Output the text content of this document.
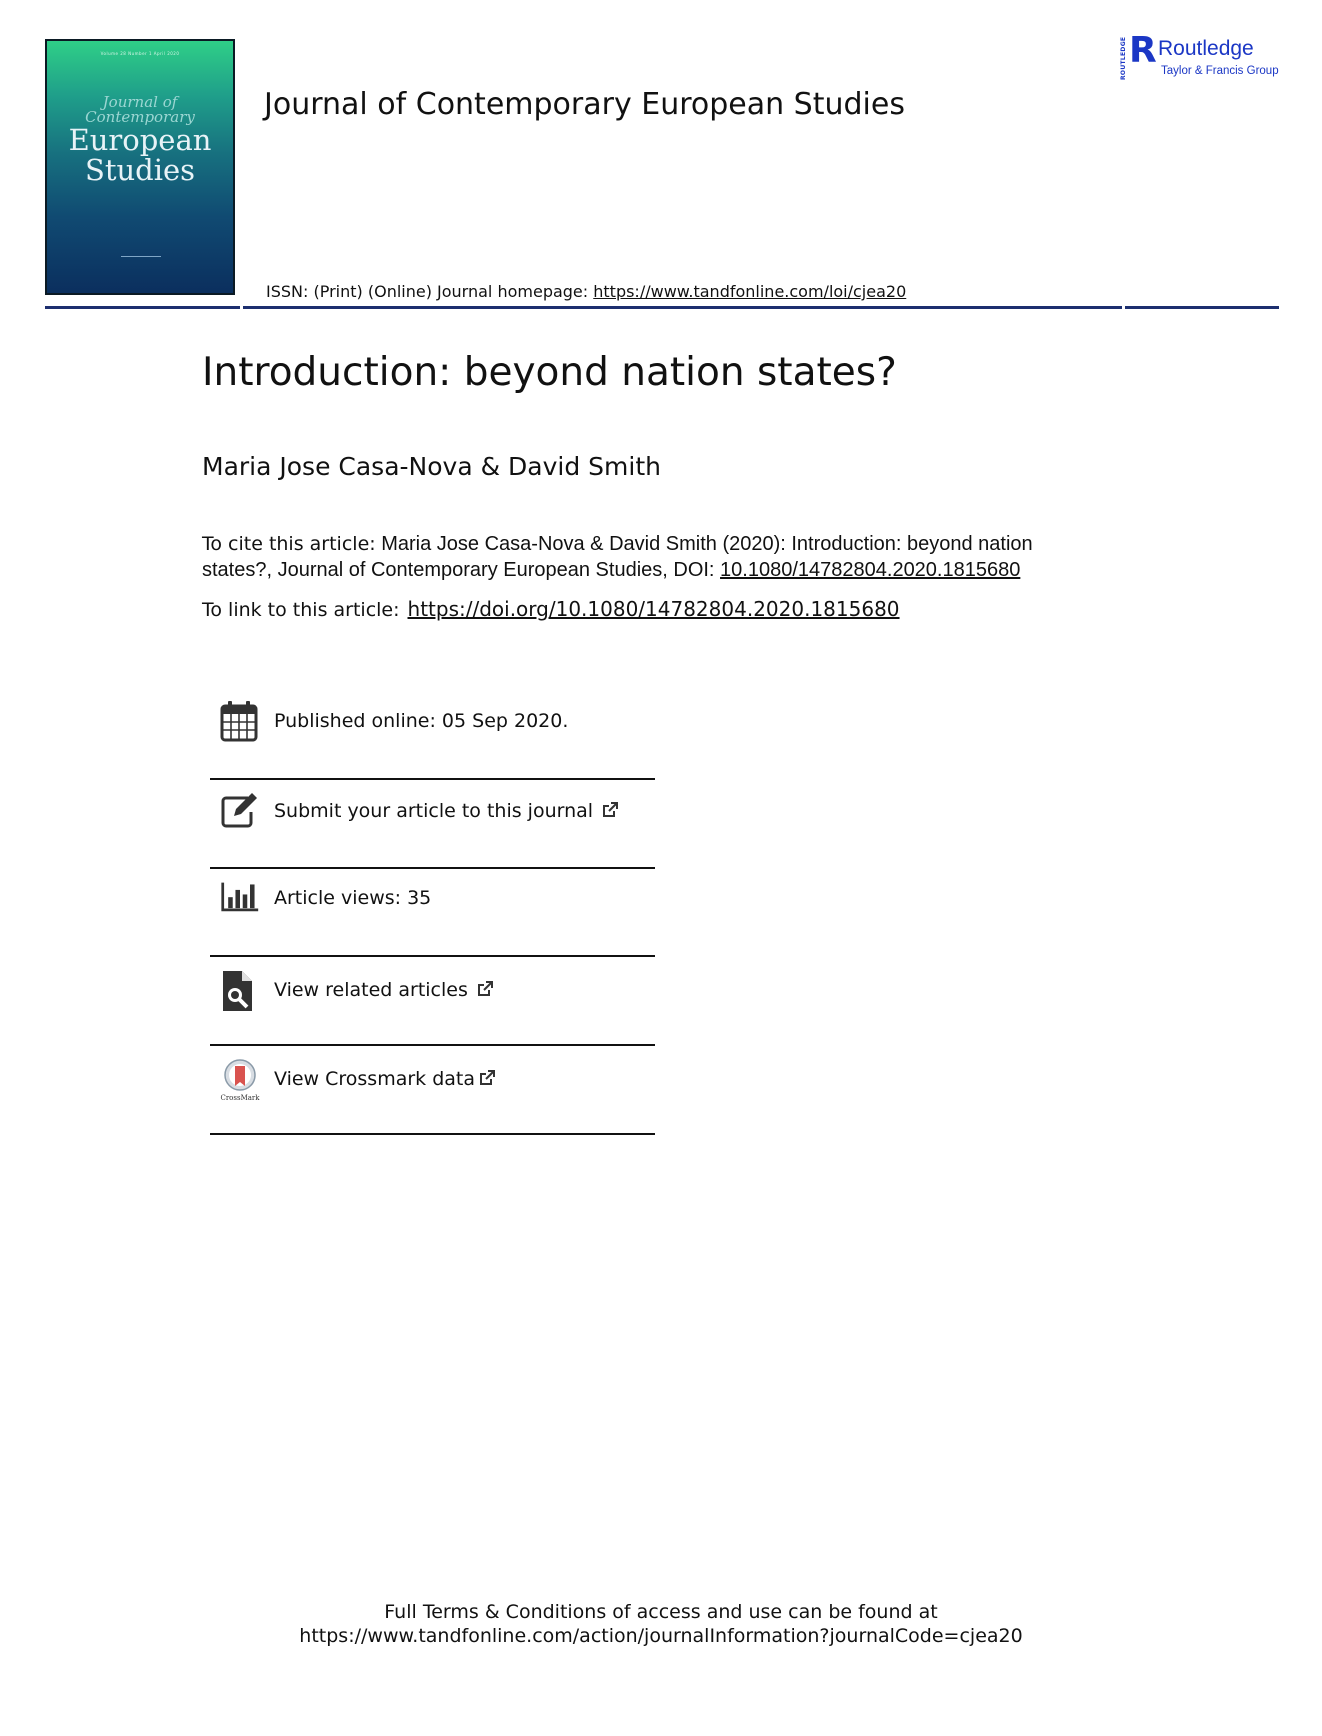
Volume 28 Number 1 April 2020
Journal of
Contemporary
European
Studies
ROUTLEDGE R Routledge
Taylor & Francis Group
Journal of Contemporary European Studies
ISSN: (Print) (Online) Journal homepage: https://www.tandfonline.com/loi/cjea20
Introduction: beyond nation states?
Maria Jose Casa-Nova & David Smith
To cite this article: Maria Jose Casa-Nova & David Smith (2020): Introduction: beyond nation states?, Journal of Contemporary European Studies, DOI: 10.1080/14782804.2020.1815680
To link to this article: https://doi.org/10.1080/14782804.2020.1815680
Published online: 05 Sep 2020.
Submit your article to this journal
Article views: 35
View related articles
CrossMark
View Crossmark data
Full Terms & Conditions of access and use can be found at
https://www.tandfonline.com/action/journalInformation?journalCode=cjea20
